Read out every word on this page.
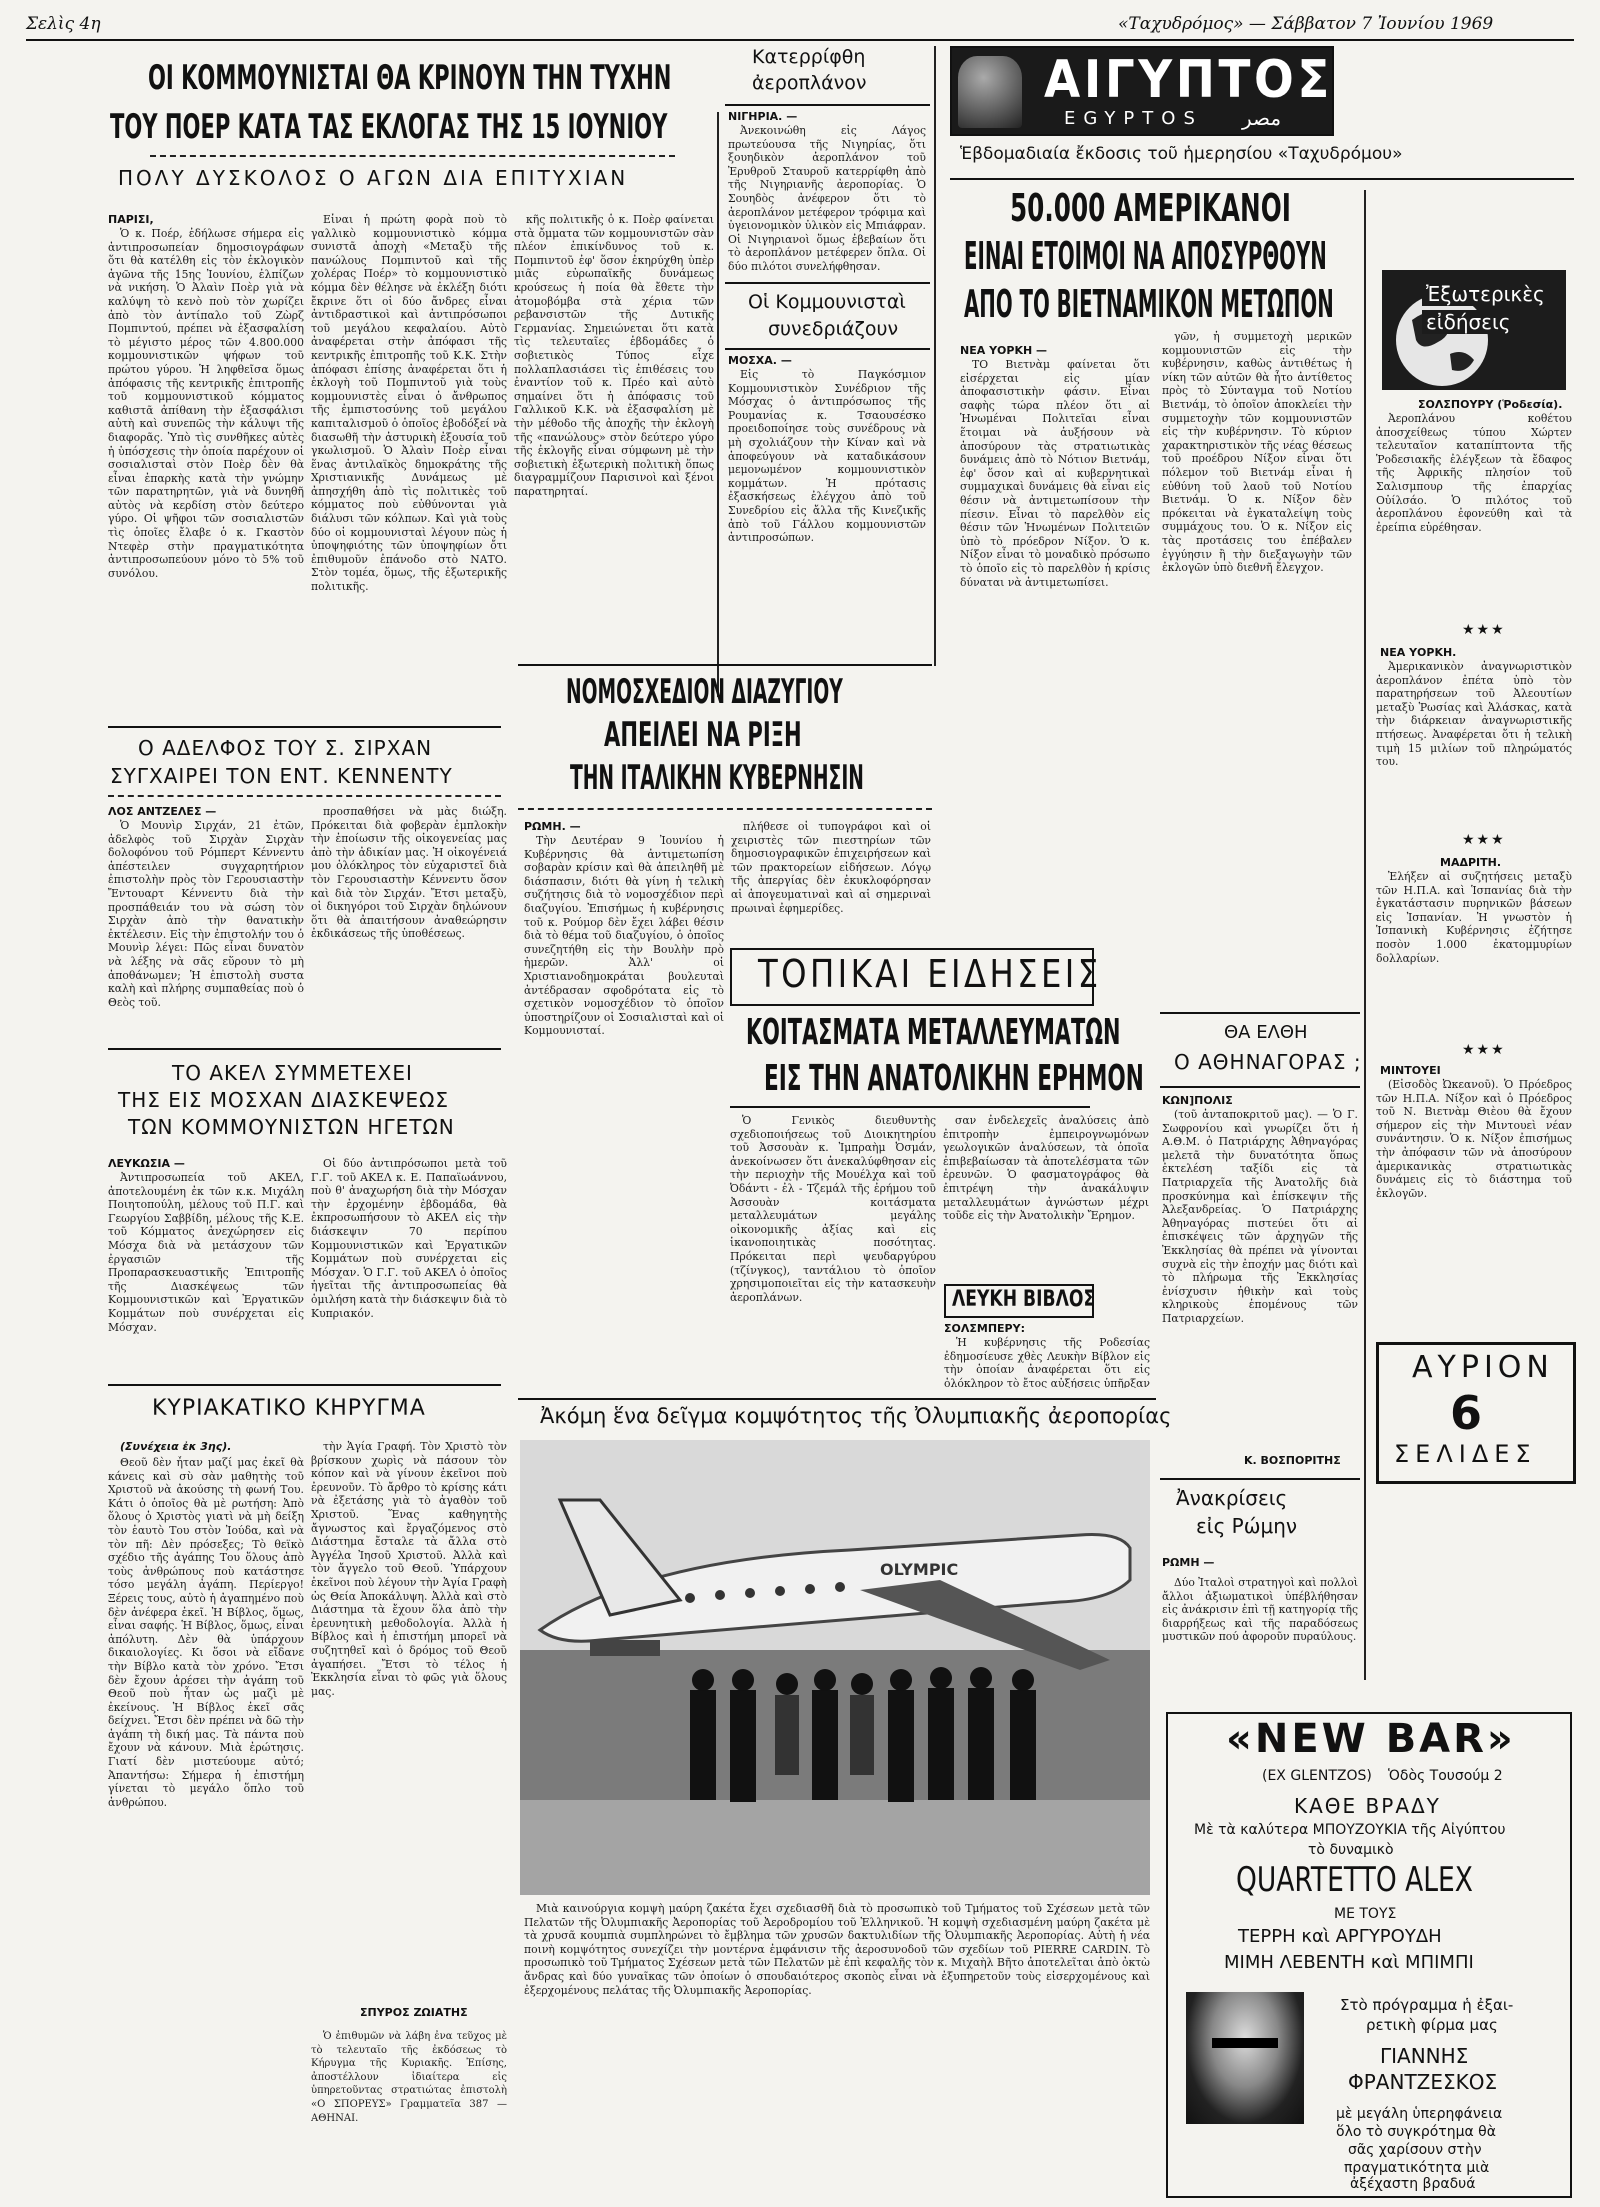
Σελὶς 4η	«Ταχυδρόμος» — Σάββατον 7 Ἰουνίου 1969
ΟΙ ΚΟΜΜΟΥΝΙΣΤΑΙ ΘΑ ΚΡΙΝΟΥΝ ΤΗΝ ΤΥΧΗΝ
ΤΟΥ ΠΟΕΡ ΚΑΤΑ ΤΑΣ ΕΚΛΟΓΑΣ ΤΗΣ 15 ΙΟΥΝΙΟΥ
ΠΟΛΥ ΔΥΣΚΟΛΟΣ Ο ΑΓΩΝ ΔΙΑ ΕΠΙΤΥΧΙΑΝ
ΠΑΡΙΣΙ,

Ὁ κ. Ποέρ, ἐδήλωσε σήμερα εἰς ἀντιπροσωπείαν δημοσιογράφων ὅτι θὰ κατέλθη εἰς τὸν ἐκλογικὸν ἀγῶνα τῆς 15ης Ἰουνίου, ἐλπίζων νὰ νικήση. Ὁ Ἀλαὶν Ποὲρ γιὰ νὰ καλύψη τὸ κενὸ ποὺ τὸν χωρίζει ἀπὸ τὸν ἀντίπαλο τοῦ Ζὼρζ Πομπιντού, πρέπει νὰ ἐξασφαλίση τὸ μέγιστο μέρος τῶν 4.800.000 κομμουνιστικῶν ψήφων τοῦ πρώτου γύρου. Ἡ ληφθεῖσα ὅμως ἀπόφασις τῆς κεντρικῆς ἐπιτροπῆς τοῦ κομμουνιστικοῦ κόμματος καθιστᾶ ἀπίθανη τὴν ἐξασφάλισι αὐτὴ καὶ συνεπῶς τὴν κάλυψι τῆς διαφορᾶς. Ὑπὸ τὶς συνθῆκες αὐτὲς ἡ ὑπόσχεσις τὴν ὁποία παρέχουν οἱ σοσιαλισταὶ στὸν Ποὲρ δὲν θὰ εἶναι ἐπαρκὴς κατὰ τὴν γνώμην τῶν παρατηρητῶν, γιὰ νὰ δυνηθῆ αὐτὸς νὰ κερδίση στὸν δεύτερο γύρο. Οἱ ψῆφοι τῶν σοσιαλιστῶν τὶς ὁποῖες ἔλαβε ὁ κ. Γκαστὸν Ντεφὲρ στὴν πραγματικότητα ἀντιπροσωπεύουν μόνο τὸ 5% τοῦ συνόλου.

Εἶναι ἡ πρώτη φορὰ ποὺ τὸ γαλλικὸ κομμουνιστικὸ κόμμα συνιστᾶ ἀποχὴ «Μεταξὺ τῆς πανώλους Πομπιντοῦ καὶ τῆς χολέρας Ποέρ» τὸ κομμουνιστικὸ κόμμα δὲν θέλησε νὰ ἐκλέξη διότι ἔκρινε ὅτι οἱ δύο ἄνδρες εἶναι ἀντιδραστικοὶ καὶ ἀντιπρόσωποι τοῦ μεγάλου κεφαλαίου. Αὐτὸ ἀναφέρεται στὴν ἀπόφασι τῆς κεντρικῆς ἐπιτροπῆς τοῦ Κ.Κ. Στὴν ἀπόφασι ἐπίσης ἀναφέρεται ὅτι ἡ ἐκλογὴ τοῦ Πομπιντοῦ γιὰ τοὺς κομμουνιστὲς εἶναι ὁ ἄνθρωπος τῆς ἐμπιστοσύνης τοῦ μεγάλου καπιταλισμοῦ ὁ ὁποῖος ἐβοδόξεί νὰ διασωθῆ τὴν ἀστυρικὴ ἐξουσία τοῦ γκωλισμοῦ. Ὁ Ἀλαὶν Ποὲρ εἶναι ἕνας ἀντιλαϊκὸς δημοκράτης τῆς Χριστιανικῆς Δυνάμεως μὲ ἀπησχήθη ἀπὸ τὶς πολιτικὲς τοῦ κόμματος ποὺ εὐθύνονται γιὰ διάλυσι τῶν κόλπων. Καὶ γιὰ τοὺς δύο οἱ κομμουνισταὶ λέγουν πὼς ἡ ὑποψηφιότης τῶν ὑποψηφίων ὄτι ἐπιθυμοῦν ἐπάνοδο στὸ ΝΑΤΟ. Στὸν τομέα, ὅμως, τῆς ἐξωτερικῆς πολιτικῆς.

κῆς πολιτικῆς ὁ κ. Ποὲρ φαίνεται στὰ ὄμματα τῶν κομμουνιστῶν σὰν πλέον ἐπικίνδυνος τοῦ κ. Πομπιντοῦ ἐφ' ὅσον ἐκηρύχθη ὑπὲρ μιᾶς εὐρωπαϊκῆς δυνάμεως κρούσεως ἡ ποία θὰ ἔθετε τὴν ἀτομοβόμβα στὰ χέρια τῶν ρεβανσιστῶν τῆς Δυτικῆς Γερμανίας. Σημειώνεται ὅτι κατὰ τὶς τελευταῖες ἑβδομάδες ὁ σοβιετικὸς Τύπος εἶχε πολλαπλασιάσει τὶς ἐπιθέσεις του ἐναντίον τοῦ κ. Πρέο καὶ αὐτὸ σημαίνει ὅτι ἡ ἀπόφασις τοῦ Γαλλικοῦ Κ.Κ. νὰ ἐξασφαλίση μὲ τὴν μέθοδο τῆς ἀποχῆς τὴν ἐκλογὴ τῆς «πανώλους» στὸν δεύτερο γύρο τῆς ἐκλογῆς εἶναι σύμφωνη μὲ τὴν σοβιετικὴ ἐξωτερικὴ πολιτικὴ ὅπως διαγραμμίζουν Παρισινοὶ καὶ ξένοι παρατηρηταί.

Ο ΑΔΕΛΦΟΣ ΤΟΥ Σ. ΣΙΡΧΑΝ
ΣΥΓΧΑΙΡΕΙ ΤΟΝ ΕΝΤ. ΚΕΝΝΕΝΤΥ
ΛΟΣ ΑΝΤΖΕΛΕΣ —

Ὁ Μουνὶρ Σιρχάν, 21 ἐτῶν, ἀδελφὸς τοῦ Σιρχὰν Σιρχὰν δολοφόνου τοῦ Ρόμπερτ Κέννεντυ ἀπέστειλεν συγχαρητήριον ἐπιστολὴν πρὸς τὸν Γερουσιαστὴν Ἔντουαρτ Κέννεντυ διὰ τὴν προσπάθειάν του νὰ σώση τὸν Σιρχὰν ἀπὸ τὴν θανατικὴν ἐκτέλεσιν. Εἰς τὴν ἐπιστολήν του ὁ Μουνὶρ λέγει: Πῶς εἶναι δυνατὸν νὰ λέξης νὰ σᾶς εὕρουν τὸ μὴ ἀποθάνωμεν; Ἡ ἐπιστολὴ συστα καλὴ καὶ πλήρης συμπαθείας ποὺ ὁ Θεὸς τοῦ.

προσπαθήσει νὰ μὰς διώξη. Πρόκειται διὰ φοβερὰν ἐμπλοκὴν τὴν ἐποίωσιν τῆς οἰκογενείας μας ἀπὸ τὴν ἀδικίαν μας. Ἡ οἰκογένειά μου ὁλόκληρος τὸν εὐχαριστεῖ διὰ τὸν Γερουσιαστὴν Κέννεντυ ὅσον καὶ διὰ τὸν Σιρχάν. Ἔτσι μεταξὺ, οἱ δικηγόροι τοῦ Σιρχὰν δηλώνουν ὅτι θὰ ἀπαιτήσουν ἀναθεώρησιν ἐκδικάσεως τῆς ὑποθέσεως.

ΤΟ ΑΚΕΛ ΣΥΜΜΕΤΕΧΕΙ
ΤΗΣ ΕΙΣ ΜΟΣΧΑΝ ΔΙΑΣΚΕΨΕΩΣ
ΤΩΝ ΚΟΜΜΟΥΝΙΣΤΩΝ ΗΓΕΤΩΝ
ΛΕΥΚΩΣΙΑ —

Ἀντιπροσωπεία τοῦ ΑΚΕΛ, ἀποτελουμένη ἐκ τῶν κ.κ. Μιχάλη Ποιητοπούλη, μέλους τοῦ Π.Γ. καὶ Γεωργίου Σαββίδη, μέλους τῆς Κ.Ε. τοῦ Κόμματος ἀνεχώρησεν εἰς Μόσχα διὰ νὰ μετάσχουν τῶν ἐργασιῶν τῆς Προπαρασκευαστικῆς Ἐπιτροπῆς τῆς Διασκέψεως τῶν Κομμουνιστικῶν καὶ Ἐργατικῶν Κομμάτων ποὺ συνέρχεται εἰς Μόσχαν.

Οἱ δύο ἀντιπρόσωποι μετὰ τοῦ Γ.Γ. τοῦ ΑΚΕΛ κ. Ε. Παπαϊωάννου, ποὺ θ' ἀναχωρήση διὰ τὴν Μόσχαν τὴν ἐρχομένην ἐβδομάδα, θὰ ἐκπροσωπήσουν τὸ ΑΚΕΛ εἰς τὴν διάσκεψιν 70 περίπου Κομμουνιστικῶν καὶ Ἐργατικῶν Κομμάτων ποὺ συνέρχεται εἰς Μόσχαν. Ὁ Γ.Γ. τοῦ ΑΚΕΛ ὁ ὁποῖος ἡγεῖται τῆς ἀντιπροσωπείας θὰ ὁμιλήση κατὰ τὴν διάσκεψιν διὰ τὸ Κυπριακόν.

ΚΥΡΙΑΚΑΤΙΚΟ ΚΗΡΥΓΜΑ
(Συνέχεια ἐκ 3ης).

Θεοῦ δὲν ἦταν μαζί μας ἐκεῖ θὰ κάνεις καὶ σὺ σὰν μαθητὴς τοῦ Χριστοῦ νὰ ἀκούσης τὴ φωνή Του. Κάτι ὁ ὁποῖος θὰ μὲ ρωτήση: Ἀπὸ ὅλους ὁ Χριστὸς γιατὶ νὰ μὴ δείξη τὸν ἑαυτὸ Του στὸν Ἰούδα, καὶ νὰ τὸν πῆ: Δὲν πρόσεξες; Τὸ θεϊκὸ σχέδιο τῆς ἀγάπης Του ὅλους ἀπὸ τοὺς ἀνθρώπους ποὺ κατάστησε τόσο μεγάλη ἀγάπη. Περίεργο! Ξέρεις τους, αὐτὸ ἡ ἀγαπημένο ποὺ δὲν ἀνέφερα ἐκεῖ. Ἡ Βίβλος, ὅμως, εἶναι σαφής. Ἡ Βίβλος, ὅμως, εἶναι ἀπόλυτη. Δὲν θὰ ὑπάρχουν δικαιολογίες. Κι ὅσοι νὰ εἴδανε τὴν Βίβλο κατὰ τὸν χρόνο. Ἔτσι δὲν ἔχουν ἀρέσει τὴν ἀγάπη τοῦ Θεοῦ ποὺ ἦταν ὡς μαζὶ μὲ ἐκείνους. Ἡ Βίβλος ἐκεῖ σᾶς δείχνει. Ἔτσι δὲν πρέπει νὰ δῶ τὴν ἀγάπη τὴ δική μας. Τὰ πάντα ποὺ ἔχουν νὰ κάνουν. Μιὰ ἐρώτησις. Γιατί δὲν μιστεύουμε αὐτό; Ἀπαντήσω: Σήμερα ἡ ἐπιστήμη γίνεται τὸ μεγάλο ὅπλο τοῦ ἀνθρώπου.

τὴν Ἁγία Γραφή. Τὸν Χριστὸ τὸν βρίσκουν χωρὶς νὰ πάσουν τὸν κόπον καὶ νὰ γίνουν ἐκεῖνοι ποὺ ἐρευνοῦν. Τὸ ἄρθρο τὸ κρίσης κάτι νὰ ἐξετάσης γιὰ τὸ ἀγαθὸν τοῦ Χριστοῦ. Ἕνας καθηγητὴς ἄγνωστος καὶ ἔργαζόμενος στὸ Διάστημα ἔσταλε τὰ ἄλλα στὸ Ἀγγέλα Ἰησοῦ Χριστοῦ. Ἀλλὰ καὶ τὸν ἄγγελο τοῦ Θεοῦ. Ὑπάρχουν ἐκεῖνοι ποὺ λέγουν τὴν Ἁγία Γραφὴ ὡς Θεία Ἀποκάλυψη. Ἀλλὰ καὶ στὸ Διάστημα τὰ ἔχουν ὅλα ἀπὸ τὴν ἐρευνητικὴ μεθοδολογία. Ἀλλὰ ἡ Βίβλος καὶ ἡ ἐπιστήμη μπορεῖ νὰ συζητηθεῖ καὶ ὁ δρόμος τοῦ Θεοῦ ἀγαπήσει. Ἔτσι τὸ τέλος ἡ Ἐκκλησία εἶναι τὸ φῶς γιὰ ὅλους μας.

ΣΠΥΡΟΣ ΖΩΙΑΤΗΣ

Ὁ ἐπιθυμῶν νὰ λάβη ἐνα τεῦχος μὲ τὸ τελευταῖο τῆς ἐκδόσεως τὸ Κήρυγμα τῆς Κυριακῆς. Ἐπίσης, ἀποστέλλουν ἰδιαίτερα εἰς ὑπηρετοῦντας στρατιώτας ἐπιστολὴ «Ο ΣΠΟΡΕΥΣ» Γραμματεῖα 387 — ΑΘΗΝΑΙ.

Κατερρίφθη
ἀεροπλάνον
ΝΙΓΗΡΙΑ. —

Ἀνεκοινώθη εἰς Λάγος πρωτεύουσα τῆς Νιγηρίας, ὅτι ξουηδικὸν ἀεροπλάνον τοῦ Ἐρυθροῦ Σταυροῦ κατερρίφθη ἀπὸ τῆς Νιγηριανῆς ἀεροπορίας. Ὁ Σουηδὸς ἀνέφερον ὅτι τὸ ἀεροπλάνον μετέφερον τρόφιμα καὶ ὑγειονομικὸν ὑλικὸν εἰς Μπιάφραν. Οἱ Νιγηριανοὶ ὅμως ἐβεβαίων ὅτι τὸ ἀεροπλάνον μετέφερεν ὅπλα. Οἱ δύο πιλότοι συνελήφθησαν.

Οἱ Κομμουνισταὶ
συνεδριάζουν
ΜΟΣΧΑ. —

Εἰς τὸ Παγκόσμιον Κομμουνιστικὸν Συνέδριον τῆς Μόσχας ὁ ἀντιπρόσωπος τῆς Ρουμανίας κ. Τσαουσέσκο προειδοποίησε τοὺς συνέδρους νὰ μὴ σχολιάζουν τὴν Κίναν καὶ νὰ ἀποφεύγουν νὰ καταδικάσουν μεμονωμένον κομμουνιστικὸν κομμάτων. Ἡ πρότασις ἐξασκήσεως ἐλέγχου ἀπὸ τοῦ Συνεδρίου εἰς ἄλλα τῆς Κινεζικῆς ἀπὸ τοῦ Γάλλου κομμουνιστῶν ἀντιπροσώπων.

ΝΟΜΟΣΧΕΔΙΟΝ ΔΙΑΖΥΓΙΟΥ
ΑΠΕΙΛΕΙ ΝΑ ΡΙΞΗ
ΤΗΝ ΙΤΑΛΙΚΗΝ ΚΥΒΕΡΝΗΣΙΝ
ΡΩΜΗ. —

Τὴν Δευτέραν 9 Ἰουνίου ἡ Κυβέρνησις θὰ ἀντιμετωπίση σοβαρὰν κρίσιν καὶ θὰ ἀπειληθῆ μὲ διάσπασιν, διότι θὰ γίνη ἡ τελικὴ συζήτησις διὰ τὸ νομοσχέδιον περὶ διαζυγίου. Ἐπισήμως ἡ κυβέρνησις τοῦ κ. Ρούμορ δὲν ἔχει λάβει θέσιν διὰ τὸ θέμα τοῦ διαζυγίου, ὁ ὁποῖος συνεζητήθη εἰς τὴν Βουλὴν πρὸ ἡμερῶν. Ἀλλ' οἱ Χριστιανοδημοκράται βουλευταὶ ἀντέδρασαν σφοδρότατα εἰς τὸ σχετικὸν νομοσχέδιον τὸ ὁποῖον ὑποστηρίζουν οἱ Σοσιαλισταὶ καὶ οἱ Κομμουνισταί.

πλήθεσε οἱ τυπογράφοι καὶ οἱ χειριστὲς τῶν πιεστηρίων τῶν δημοσιογραφικῶν ἐπιχειρήσεων καὶ τῶν πρακτορείων εἰδήσεων. Λόγῳ τῆς ἀπεργίας δὲν ἐκυκλοφόρησαν αἱ ἀπογευματιναὶ καὶ αἱ σημεριναὶ πρωιναὶ ἐφημερίδες.

ΤΟΠΙΚΑΙ ΕΙΔΗΣΕΙΣ
ΚΟΙΤΑΣΜΑΤΑ ΜΕΤΑΛΛΕΥΜΑΤΩΝ
ΕΙΣ ΤΗΝ ΑΝΑΤΟΛΙΚΗΝ ΕΡΗΜΟΝ

Ὁ Γενικὸς διευθυντὴς σχεδιοποιήσεως τοῦ Διοικητηρίου τοῦ Ἀσσουὰν κ. Ἰμπραὴμ Ὀσμάν, ἀνεκοίνωσεν ὅτι ἀνεκαλύφθησαν εἰς τὴν περιοχὴν τῆς Μουέλχα καὶ τοῦ Ὀδάντι - ἐλ - Τζεμάλ τῆς ἐρήμου τοῦ Ἀσσουὰν κοιτάσματα μεταλλευμάτων μεγάλης οἰκονομικῆς ἀξίας καὶ εἰς ἱκανοποιητικὰς ποσότητας. Πρόκειται περὶ ψευδαργύρου (τζίνγκος), ταντάλιου τὸ ὁποῖον χρησιμοποιεῖται εἰς τὴν κατασκευὴν ἀεροπλάνων.

σαν ἐνδελεχεῖς ἀναλύσεις ἀπὸ ἐπιτροπὴν ἐμπειρογνωμόνων γεωλογικῶν ἀναλύσεων, τὰ ὁποῖα ἐπιβεβαίωσαν τὰ ἀποτελέσματα τῶν ἐρευνῶν. Ὁ φασματογράφος θὰ ἐπιτρέψη τὴν ἀνακάλυψιν μεταλλευμάτων ἀγνώστων μέχρι τοῦδε εἰς τὴν Ἀνατολικὴν Ἔρημον.

ΛΕΥΚΗ ΒΙΒΛΟΣ
ΣΟΛΣΜΠΕΡΥ:

Ἡ κυβέρνησις τῆς Ροδεσίας ἐδημοσίευσε χθὲς Λευκὴν Βίβλον εἰς τὴν ὁποίαν ἀναφέρεται ὅτι εἰς ὁλόκληρον τὸ ἔτος αὐξήσεις ὑπῆρξαν

Ἀκόμη ἕνα δεῖγμα κομψότητος τῆς Ὀλυμπιακῆς ἀεροπορίας
OLYMPIC

Μιὰ καινούργια κομψὴ μαύρη ζακέτα ἔχει σχεδιασθῆ διὰ τὸ προσωπικὸ τοῦ Τμήματος τοῦ Σχέσεων μετὰ τῶν Πελατῶν τῆς Ὀλυμπιακῆς Ἀεροπορίας τοῦ Ἀεροδρομίου τοῦ Ἑλληνικοῦ. Ἡ κομψὴ σχεδιασμένη μαύρη ζακέτα μὲ τὰ χρυσᾶ κουμπιὰ συμπληρώνει τὸ ἔμβλημα τῶν χρυσῶν δακτυλιδίων τῆς Ὀλυμπιακῆς Ἀεροπορίας. Αὐτὴ ἡ νέα ποινὴ κομψότητος συνεχίζει τὴν μοντέρνα ἐμφάνισιν τῆς ἀεροσυνοδοῦ τῶν σχεδίων τοῦ PIERRE CARDIN. Τὸ προσωπικὸ τοῦ Τμήματος Σχέσεων μετὰ τῶν Πελατῶν μὲ ἐπὶ κεφαλῆς τὸν κ. Μιχαὴλ Βῆτο ἀποτελεῖται ἀπὸ ὀκτὼ ἄνδρας καὶ δύο γυναῖκας τῶν ὁποίων ὁ σπουδαιότερος σκοπὸς εἶναι νὰ ἐξυπηρετοῦν τοὺς εἰσερχομένους καὶ ἐξερχομένους πελάτας τῆς Ὀλυμπιακῆς Ἀεροπορίας.

ΑΙΓΥΠΤΟΣ
EGYPTOS مصر
Ἑβδομαδιαία ἔκδοσις τοῦ ἡμερησίου «Ταχυδρόμου»
50.000 ΑΜΕΡΙΚΑΝΟΙ
ΕΙΝΑΙ ΕΤΟΙΜΟΙ ΝΑ ΑΠΟΣΥΡΘΟΥΝ
ΑΠΟ ΤΟ ΒΙΕΤΝΑΜΙΚΟΝ ΜΕΤΩΠΟΝ
ΝΕΑ ΥΟΡΚΗ —

ΤΟ Βιετνὰμ φαίνεται ὅτι εἰσέρχεται εἰς μίαν ἀποφασιστικὴν φάσιν. Εἶναι σαφὴς τώρα πλέον ὅτι αἱ Ἡνωμέναι Πολιτεῖαι εἶναι ἕτοιμαι νὰ ἀυξήσουν νὰ ἀποσύρουν τὰς στρατιωτικὰς δυνάμεις ἀπὸ τὸ Νότιον Βιετνάμ, ἐφ' ὅσον καὶ αἱ κυβερνητικαὶ συμμαχικαὶ δυνάμεις θὰ εἶναι εἰς θέσιν νὰ ἀντιμετωπίσουν τὴν πίεσιν. Εἶναι τὸ παρελθὸν εἰς θέσιν τῶν Ἡνωμένων Πολιτειῶν ὑπὸ τὸ πρόεδρον Νίξον. Ὁ κ. Νίξον εἶναι τὸ μοναδικὸ πρόσωπο τὸ ὁποῖο εἰς τὸ παρελθὸν ἡ κρίσις δύναται νὰ ἀντιμετωπίσει.

γῶν, ἡ συμμετοχὴ μερικῶν κομμουνιστῶν εἰς τὴν κυβέρνησιν, καθὼς ἀντιθέτως ἡ νίκη τῶν αὐτῶν θὰ ἦτο ἀντίθετος πρὸς τὸ Σύνταγμα τοῦ Νοτίου Βιετνάμ, τὸ ὁποῖον ἀποκλείει τὴν συμμετοχὴν τῶν κομμουνιστῶν εἰς τὴν κυβέρνησιν. Τὸ κύριον χαρακτηριστικὸν τῆς νέας θέσεως τοῦ προέδρου Νίξον εἶναι ὅτι πόλεμον τοῦ Βιετνάμ εἶναι ἡ εὐθύνη τοῦ λαοῦ τοῦ Νοτίου Βιετνάμ. Ὁ κ. Νίξον δὲν πρόκειται νὰ ἐγκαταλείψη τοὺς συμμάχους του. Ὁ κ. Νίξον εἰς τὰς προτάσεις του ἐπέβαλεν ἐγγύησιν ἢ τὴν διεξαγωγὴν τῶν ἐκλογῶν ὑπὸ διεθνῆ ἔλεγχον.

ΘΑ ΕΛΘΗ
Ο ΑΘΗΝΑΓΟΡΑΣ ;
ΚΩΝ]ΠΟΛΙΣ

(τοῦ ἀνταποκριτοῦ μας). — Ὁ Γ. Σωφρονίου καὶ γνωρίζει ὅτι ἡ Α.Θ.Μ. ὁ Πατριάρχης Ἀθηναγόρας μελετᾶ τὴν δυνατότητα ὅπως ἐκτελέση ταξίδι εἰς τὰ Πατριαρχεῖα τῆς Ἀνατολῆς διὰ προσκύνημα καὶ ἐπίσκεψιν τῆς Ἀλεξανδρείας. Ὁ Πατριάρχης Ἀθηναγόρας πιστεύει ὅτι αἱ ἐπισκέψεις τῶν ἀρχηγῶν τῆς Ἐκκλησίας θὰ πρέπει νὰ γίνονται συχνὰ εἰς τὴν ἐποχήν μας διότι καὶ τὸ πλήρωμα τῆς Ἐκκλησίας ἐνίσχυσιν ἠθικὴν καὶ τοὺς κληρικοὺς ἑπομένους τῶν Πατριαρχείων.

Κ. ΒΟΣΠΟΡΙΤΗΣ
Ἀνακρίσεις
εἰς Ρώμην
ΡΩΜΗ —

Δύο Ἰταλοὶ στρατηγοὶ καὶ πολλοὶ ἄλλοι ἀξιωματικοὶ ὑπέβλήθησαν εἰς ἀνάκρισιν ἐπὶ τῇ κατηγορίᾳ τῆς διαρρήξεως καὶ τῆς παραδόσεως μυστικῶν πού ἀφοροῦν πυραύλους.

Ἐξωτερικὲς
εἰδήσεις
ΣΟΛΣΠΟΥΡΥ (Ῥοδεσία).

Ἀεροπλάνου κοθέτου ἀποσχείθεως τύπου Χώρτεν τελευταῖον καταπίπτοντα τῆς Ῥοδεσιακῆς ἐλέγξεων τὰ ἔδαφος τῆς Ἀφρικῆς πλησίον τοῦ Σαλισμπουρ τῆς ἐπαρχίας Οὐίλσάο. Ὁ πιλότος τοῦ ἀεροπλάνου ἐφονεύθη καὶ τὰ ἐρείπια εὑρέθησαν.

★★★
ΝΕΑ ΥΟΡΚΗ.

Ἀμερικανικὸν ἀναγνωριστικὸν ἀεροπλάνον ἐπέτα ὑπὸ τὸν παρατηρήσεων τοῦ Ἀλεουτίων μεταξὺ Ῥωσίας καὶ Ἀλάσκας, κατὰ τὴν διάρκειαν ἀναγνωριστικῆς πτήσεως. Ἀναφέρεται ὅτι ἡ τελικὴ τιμὴ 15 μιλίων τοῦ πληρώματός του.

★★★
ΜΑΔΡΙΤΗ.

Ἐλήξεν αἱ συζητήσεις μεταξὺ τῶν Η.Π.Α. καὶ Ἱσπανίας διὰ τὴν ἐγκατάστασιν πυρηνικῶν βάσεων εἰς Ἱσπανίαν. Ἡ γνωστὸν ἡ Ἱσπανικὴ Κυβέρνησις ἐζήτησε ποσὸν 1.000 ἑκατομμυρίων δολλαρίων.

★★★
ΜΙΝΤΟΥΕΙ

(Εἰσοδὸς Ὠκεανοῦ). Ὁ Πρόεδρος τῶν Η.Π.Α. Νίξον καὶ ὁ Πρόεδρος τοῦ Ν. Βιετνὰμ Θιὲου θὰ ἔχουν σήμερον εἰς τὴν Μιντουεὶ νέαν συνάντησιν. Ὁ κ. Νίξον ἐπισήμως τὴν ἀπόφασιν τῶν νὰ ἀποσύρουν ἀμερικανικὰς στρατιωτικὰς δυνάμεις εἰς τὸ διάστημα τοῦ ἐκλογῶν.

ΑΥΡΙΟΝ
6
ΣΕΛΙΔΕΣ
«NEW BAR»
(EX GLENTZOS) Ὁδὸς Τουσούμ 2
ΚΑΘΕ ΒΡΑΔΥ
Μὲ τὰ καλύτερα ΜΠΟΥΖΟΥΚΙΑ τῆς Αἰγύπτου
τὸ δυναμικὸ
QUARTETTO ALEX
ΜΕ ΤΟΥΣ
ΤΕΡΡΗ καὶ ΑΡΓΥΡΟΥΔΗ
ΜΙΜΗ ΛΕΒΕΝΤΗ καὶ ΜΠΙΜΠΙ
Στὸ πρόγραμμα ἡ ἐξαι-
ρετικὴ φίρμα μας
ΓΙΑΝΝΗΣ
ΦΡΑΝΤΖΕΣΚΟΣ
μὲ μεγάλη ὑπερηφάνεια
ὅλο τὸ συγκρότημα θὰ
σᾶς χαρίσουν στὴν
πραγματικότητα μιὰ
ἀξέχαστη βραδυά
